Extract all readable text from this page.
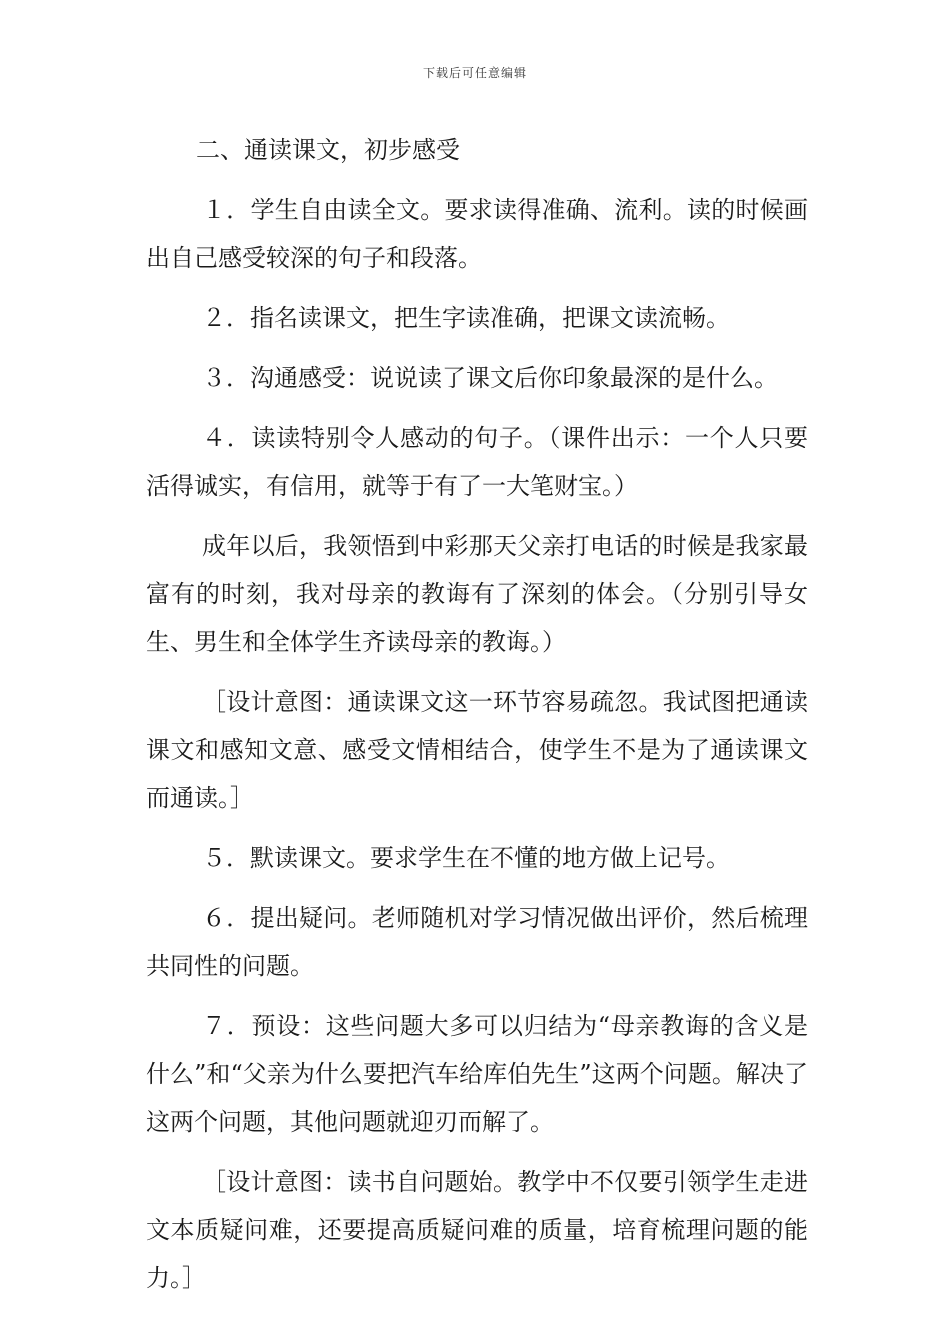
下载后可任意编辑

二、通读课文，初步感受

１．学生自由读全文。要求读得准确、流利。读的时候画出自己感受较深的句子和段落。

２．指名读课文，把生字读准确，把课文读流畅。

３．沟通感受：说说读了课文后你印象最深的是什么。

４．读读特别令人感动的句子。（课件出示：一个人只要活得诚实，有信用，就等于有了一大笔财宝。）

成年以后，我领悟到中彩那天父亲打电话的时候是我家最富有的时刻，我对母亲的教诲有了深刻的体会。（分别引导女生、男生和全体学生齐读母亲的教诲。）

［设计意图：通读课文这一环节容易疏忽。我试图把通读课文和感知文意、感受文情相结合，使学生不是为了通读课文而通读。］

５．默读课文。要求学生在不懂的地方做上记号。

６．提出疑问。老师随机对学习情况做出评价，然后梳理共同性的问题。

７．预设：这些问题大多可以归结为“母亲教诲的含义是什么”和“父亲为什么要把汽车给库伯先生”这两个问题。解决了这两个问题，其他问题就迎刃而解了。

［设计意图：读书自问题始。教学中不仅要引领学生走进文本质疑问难，还要提高质疑问难的质量，培育梳理问题的能力。］
